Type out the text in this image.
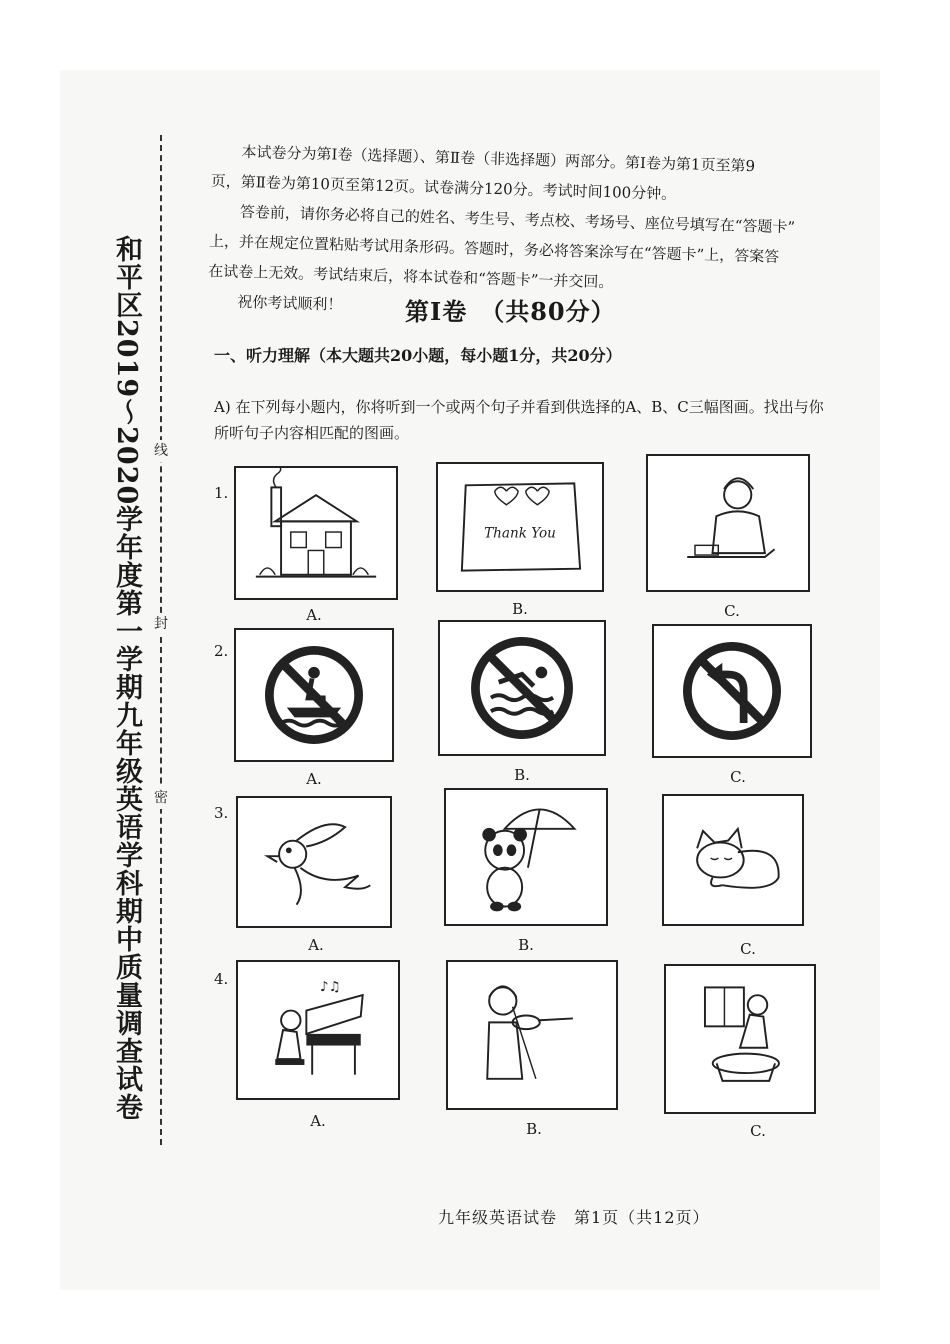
线
封
密
和平区2019～2020学年度第一学期九年级英语学科期中质量调查试卷

本试卷分为第Ⅰ卷（选择题）、第Ⅱ卷（非选择题）两部分。第Ⅰ卷为第1页至第9

页，第Ⅱ卷为第10页至第12页。试卷满分120分。考试时间100分钟。

答卷前，请你务必将自己的姓名、考生号、考点校、考场号、座位号填写在“答题卡”

上，并在规定位置粘贴考试用条形码。答题时，务必将答案涂写在“答题卡”上，答案答

在试卷上无效。考试结束后，将本试卷和“答题卡”一并交回。

祝你考试顺利！	第Ⅰ卷　（共80分）
一、听力理解（本大题共20小题，每小题1分，共20分）
A) 在下列每小题内，你将听到一个或两个句子并看到供选择的A、B、C三幅图画。找出与你所听句子内容相匹配的图画。
1.
A.
Thank You
B.	C.
2.
A.	B.	C.
3.
A.	B.	C.
4.	♪♫
A.	B.	C.
九年级英语试卷　第1页（共12页）
